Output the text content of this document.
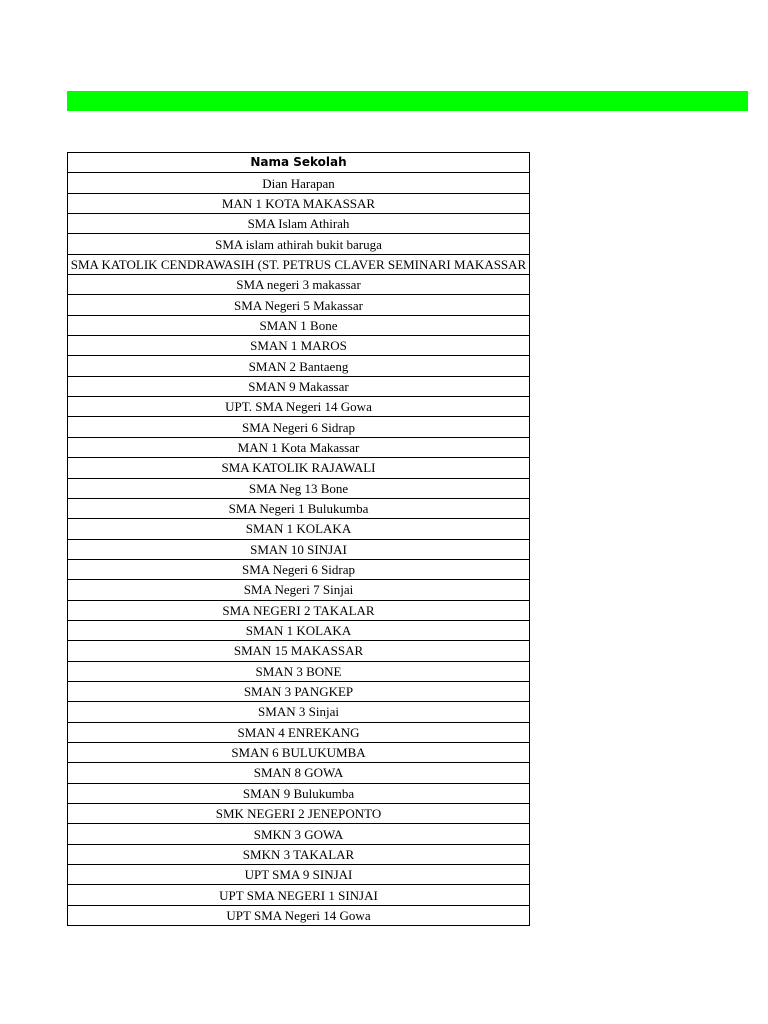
Nama Sekolah
Dian Harapan
MAN 1 KOTA MAKASSAR
SMA Islam Athirah
SMA islam athirah bukit baruga

SMA KATOLIK CENDRAWASIH (ST. PETRUS CLAVER SEMINARI MAKASSAR

SMA negeri 3 makassar
SMA Negeri 5 Makassar
SMAN 1 Bone
SMAN 1 MAROS
SMAN 2 Bantaeng
SMAN 9 Makassar
UPT. SMA Negeri 14 Gowa
SMA Negeri 6 Sidrap
MAN 1 Kota Makassar
SMA KATOLIK RAJAWALI
SMA Neg 13 Bone
SMA Negeri 1 Bulukumba
SMAN 1 KOLAKA
SMAN 10 SINJAI
SMA Negeri 6 Sidrap
SMA Negeri 7 Sinjai
SMA NEGERI 2 TAKALAR
SMAN 1 KOLAKA
SMAN 15 MAKASSAR
SMAN 3 BONE
SMAN 3 PANGKEP
SMAN 3 Sinjai
SMAN 4 ENREKANG
SMAN 6 BULUKUMBA
SMAN 8 GOWA
SMAN 9 Bulukumba
SMK NEGERI 2 JENEPONTO
SMKN 3 GOWA
SMKN 3 TAKALAR
UPT SMA 9 SINJAI
UPT SMA NEGERI 1 SINJAI
UPT SMA Negeri 14 Gowa
